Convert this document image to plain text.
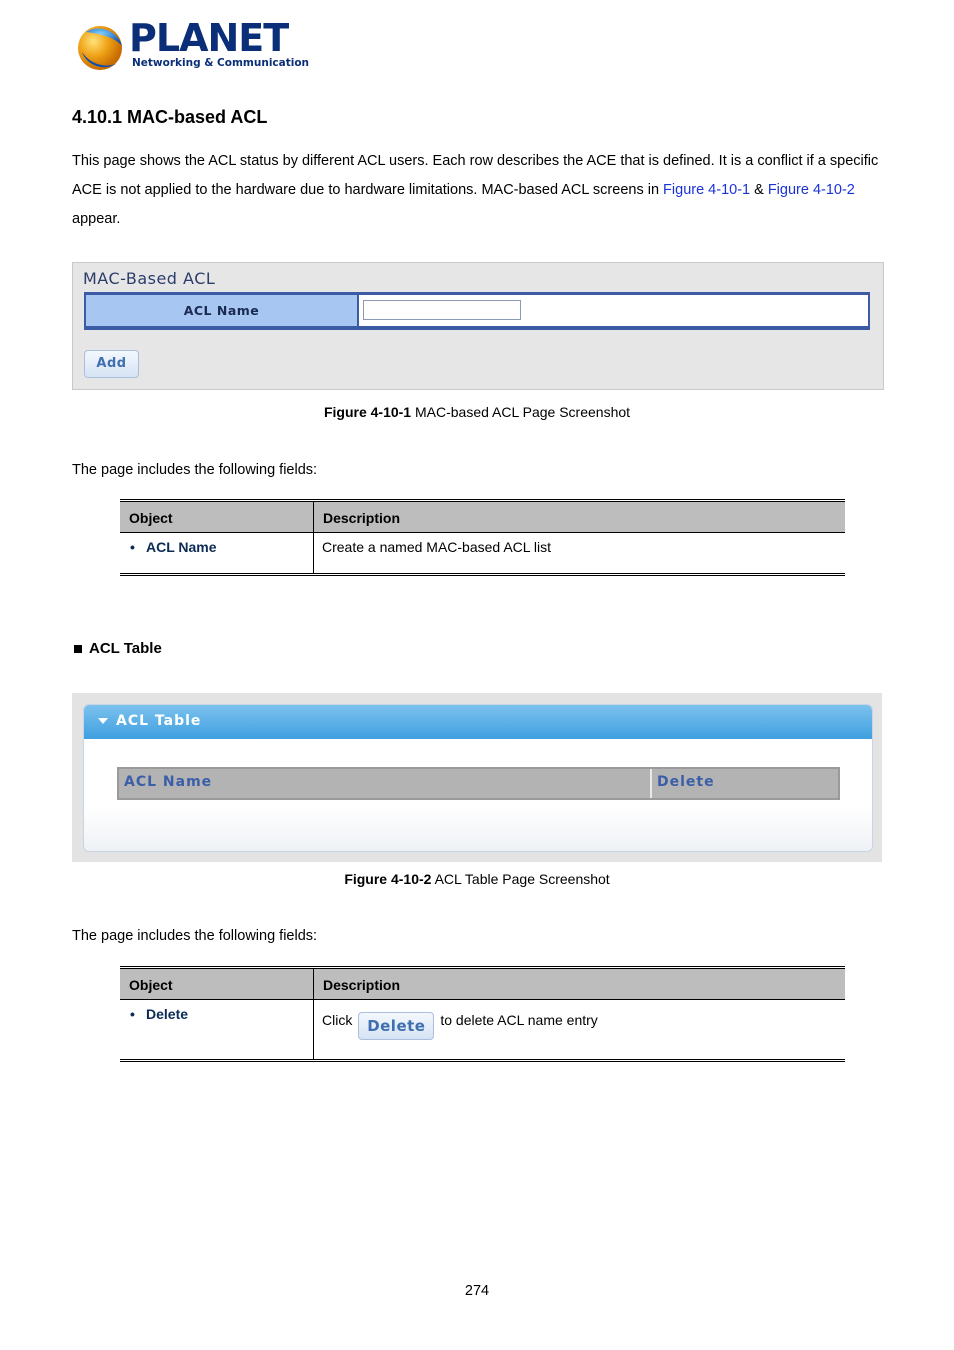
PLANET
Networking & Communication
4.10.1 MAC-based ACL

This page shows the ACL status by different ACL users. Each row describes the ACE that is defined. It is a conflict if a specific ACE is not applied to the hardware due to hardware limitations. MAC-based ACL screens in Figure 4-10-1 & Figure 4-10-2
appear.

MAC-Based ACL
ACL Name
Add
Figure 4-10-1 MAC-based ACL Page Screenshot
The page includes the following fields:
Object	Description
• ACL Name	Create a named MAC-based ACL list
ACL Table
ACL Table
ACL Name	Delete
Figure 4-10-2 ACL Table Page Screenshot
The page includes the following fields:
Object	Description
• Delete	Click Delete to delete ACL name entry
274
